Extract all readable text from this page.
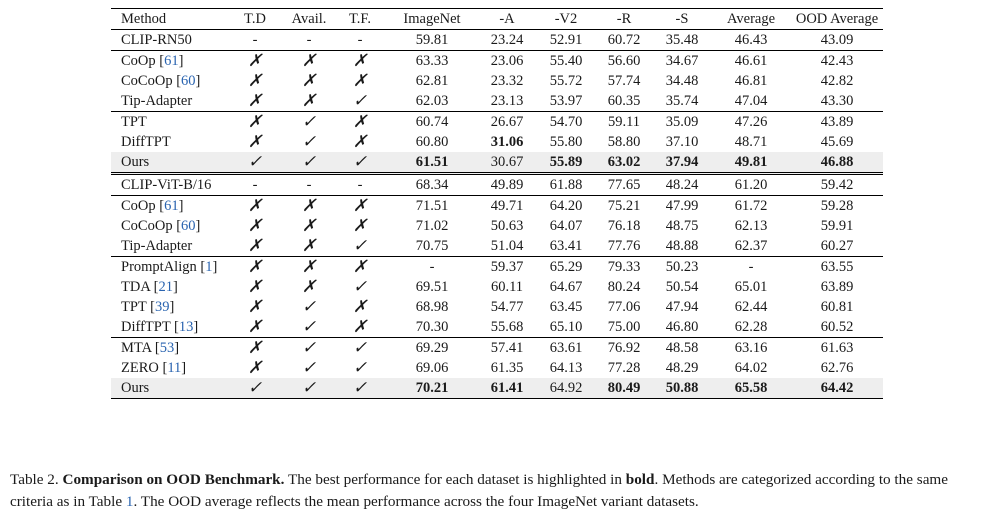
Method	T.D	Avail.	T.F.	ImageNet	-A	-V2	-R	-S	Average	OOD Average
CLIP-RN50	-	-	-	59.81	23.24	52.91	60.72	35.48	46.43	43.09
CoOp [61]	✗	✗	✗	63.33	23.06	55.40	56.60	34.67	46.61	42.43
CoCoOp [60]	✗	✗	✗	62.81	23.32	55.72	57.74	34.48	46.81	42.82
Tip-Adapter	✗	✗	✓	62.03	23.13	53.97	60.35	35.74	47.04	43.30
TPT	✗	✓	✗	60.74	26.67	54.70	59.11	35.09	47.26	43.89
DiffTPT	✗	✓	✗	60.80	31.06	55.80	58.80	37.10	48.71	45.69
Ours	✓	✓	✓	61.51	30.67	55.89	63.02	37.94	49.81	46.88
CLIP-ViT-B/16	-	-	-	68.34	49.89	61.88	77.65	48.24	61.20	59.42
CoOp [61]	✗	✗	✗	71.51	49.71	64.20	75.21	47.99	61.72	59.28
CoCoOp [60]	✗	✗	✗	71.02	50.63	64.07	76.18	48.75	62.13	59.91
Tip-Adapter	✗	✗	✓	70.75	51.04	63.41	77.76	48.88	62.37	60.27
PromptAlign [1]	✗	✗	✗	-	59.37	65.29	79.33	50.23	-	63.55
TDA [21]	✗	✗	✓	69.51	60.11	64.67	80.24	50.54	65.01	63.89
TPT [39]	✗	✓	✗	68.98	54.77	63.45	77.06	47.94	62.44	60.81
DiffTPT [13]	✗	✓	✗	70.30	55.68	65.10	75.00	46.80	62.28	60.52
MTA [53]	✗	✓	✓	69.29	57.41	63.61	76.92	48.58	63.16	61.63
ZERO [11]	✗	✓	✓	69.06	61.35	64.13	77.28	48.29	64.02	62.76
Ours	✓	✓	✓	70.21	61.41	64.92	80.49	50.88	65.58	64.42
Table 2. Comparison on OOD Benchmark. The best performance for each dataset is highlighted in bold. Methods are categorized according to the same criteria as in Table 1. The OOD average reflects the mean performance across the four ImageNet variant datasets.
